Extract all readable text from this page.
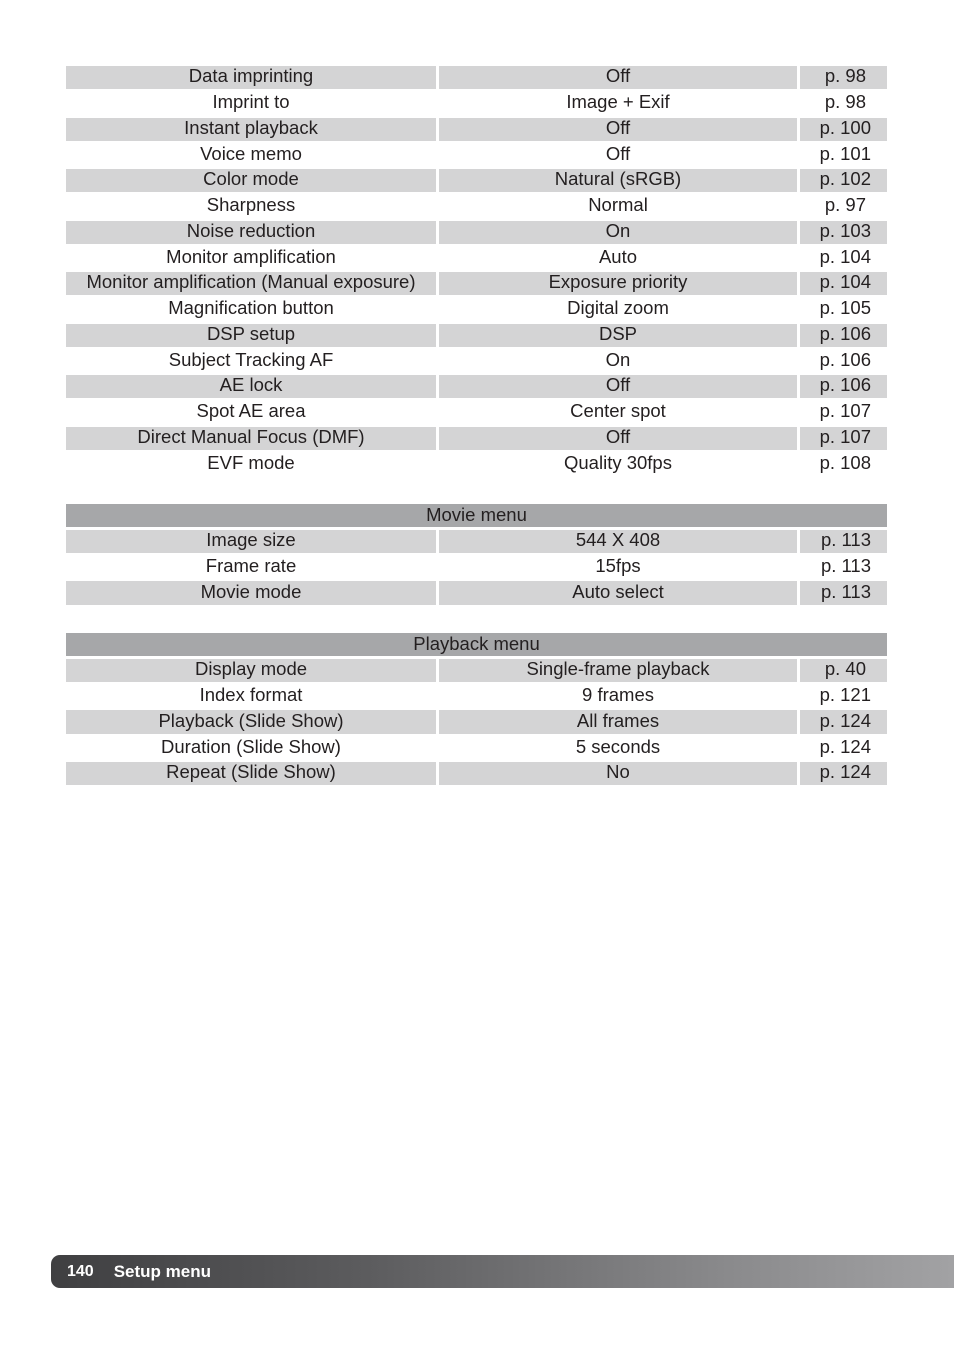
Data imprinting	Off	p. 98
Imprint to	Image + Exif	p. 98
Instant playback	Off	p. 100
Voice memo	Off	p. 101
Color mode	Natural (sRGB)	p. 102
Sharpness	Normal	p. 97
Noise reduction	On	p. 103
Monitor amplification	Auto	p. 104
Monitor amplification (Manual exposure)	Exposure priority	p. 104
Magnification button	Digital zoom	p. 105
DSP setup	DSP	p. 106
Subject Tracking AF	On	p. 106
AE lock	Off	p. 106
Spot AE area	Center spot	p. 107
Direct Manual Focus (DMF)	Off	p. 107
EVF mode	Quality 30fps	p. 108
Movie menu
Image size	544 X 408	p. 113
Frame rate	15fps	p. 113
Movie mode	Auto select	p. 113
Playback menu
Display mode	Single-frame playback	p. 40
Index format	9 frames	p. 121
Playback (Slide Show)	All frames	p. 124
Duration (Slide Show)	5 seconds	p. 124
Repeat (Slide Show)	No	p. 124
140 Setup menu
